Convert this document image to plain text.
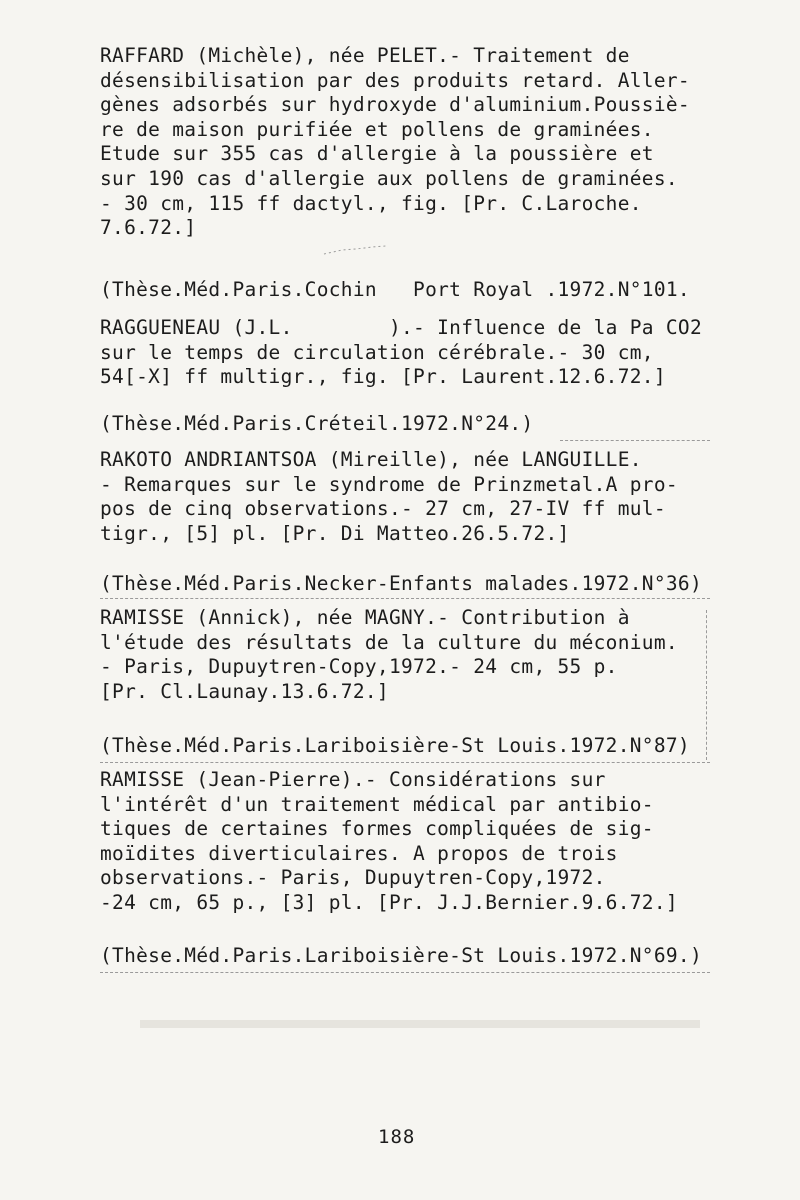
RAFFARD (Michèle), née PELET.- Traitement de
désensibilisation par des produits retard. Aller-
gènes adsorbés sur hydroxyde d'aluminium.Poussiè-
re de maison purifiée et pollens de graminées.
Etude sur 355 cas d'allergie à la poussière et
sur 190 cas d'allergie aux pollens de graminées.
- 30 cm, 115 ff dactyl., fig. [Pr. C.Laroche.
7.6.72.]
(Thèse.Méd.Paris.Cochin   Port Royal .1972.N°101.
RAGGUENEAU (J.L.        ).- Influence de la Pa CO2
sur le temps de circulation cérébrale.- 30 cm,
54[-X] ff multigr., fig. [Pr. Laurent.12.6.72.]
(Thèse.Méd.Paris.Créteil.1972.N°24.)
RAKOTO ANDRIANTSOA (Mireille), née LANGUILLE.
- Remarques sur le syndrome de Prinzmetal.A pro-
pos de cinq observations.- 27 cm, 27-IV ff mul-
tigr., [5] pl. [Pr. Di Matteo.26.5.72.]
(Thèse.Méd.Paris.Necker-Enfants malades.1972.N°36)
RAMISSE (Annick), née MAGNY.- Contribution à
l'étude des résultats de la culture du méconium.
- Paris, Dupuytren-Copy,1972.- 24 cm, 55 p.
[Pr. Cl.Launay.13.6.72.]
(Thèse.Méd.Paris.Lariboisière-St Louis.1972.N°87)
RAMISSE (Jean-Pierre).- Considérations sur
l'intérêt d'un traitement médical par antibio-
tiques de certaines formes compliquées de sig-
moïdites diverticulaires. A propos de trois
observations.- Paris, Dupuytren-Copy,1972.
-24 cm, 65 p., [3] pl. [Pr. J.J.Bernier.9.6.72.]
(Thèse.Méd.Paris.Lariboisière-St Louis.1972.N°69.)
188
